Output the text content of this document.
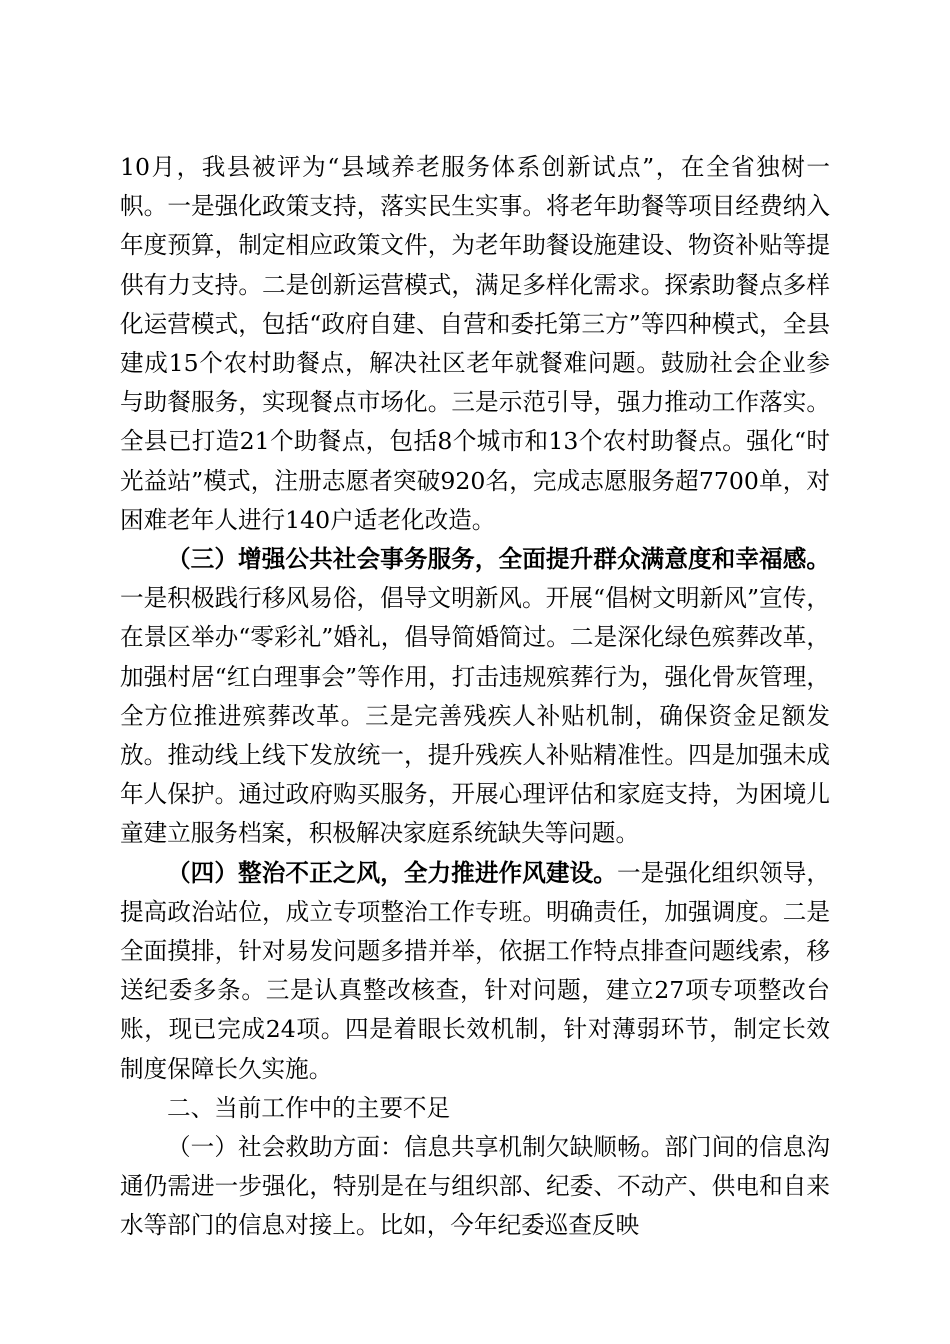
10月，我县被评为“县域养老服务体系创新试点”，在全省独树一帜。一是强化政策支持，落实民生实事。将老年助餐等项目经费纳入年度预算，制定相应政策文件，为老年助餐设施建设、物资补贴等提供有力支持。二是创新运营模式，满足多样化需求。探索助餐点多样化运营模式，包括“政府自建、自营和委托第三方”等四种模式，全县建成15个农村助餐点，解决社区老年就餐难问题。鼓励社会企业参与助餐服务，实现餐点市场化。三是示范引导，强力推动工作落实。全县已打造21个助餐点，包括8个城市和13个农村助餐点。强化“时光益站”模式，注册志愿者突破920名，完成志愿服务超7700单，对困难老年人进行140户适老化改造。

（三）增强公共社会事务服务，全面提升群众满意度和幸福感。一是积极践行移风易俗，倡导文明新风。开展“倡树文明新风”宣传，在景区举办“零彩礼”婚礼，倡导简婚简过。二是深化绿色殡葬改革，加强村居“红白理事会”等作用，打击违规殡葬行为，强化骨灰管理，全方位推进殡葬改革。三是完善残疾人补贴机制，确保资金足额发放。推动线上线下发放统一，提升残疾人补贴精准性。四是加强未成年人保护。通过政府购买服务，开展心理评估和家庭支持，为困境儿童建立服务档案，积极解决家庭系统缺失等问题。

（四）整治不正之风，全力推进作风建设。一是强化组织领导，提高政治站位，成立专项整治工作专班。明确责任，加强调度。二是全面摸排，针对易发问题多措并举，依据工作特点排查问题线索，移送纪委多条。三是认真整改核查，针对问题，建立27项专项整改台账，现已完成24项。四是着眼长效机制，针对薄弱环节，制定长效制度保障长久实施。

二、当前工作中的主要不足

（一）社会救助方面：信息共享机制欠缺顺畅。部门间的信息沟通仍需进一步强化，特别是在与组织部、纪委、不动产、供电和自来水等部门的信息对接上。比如，今年纪委巡查反映
